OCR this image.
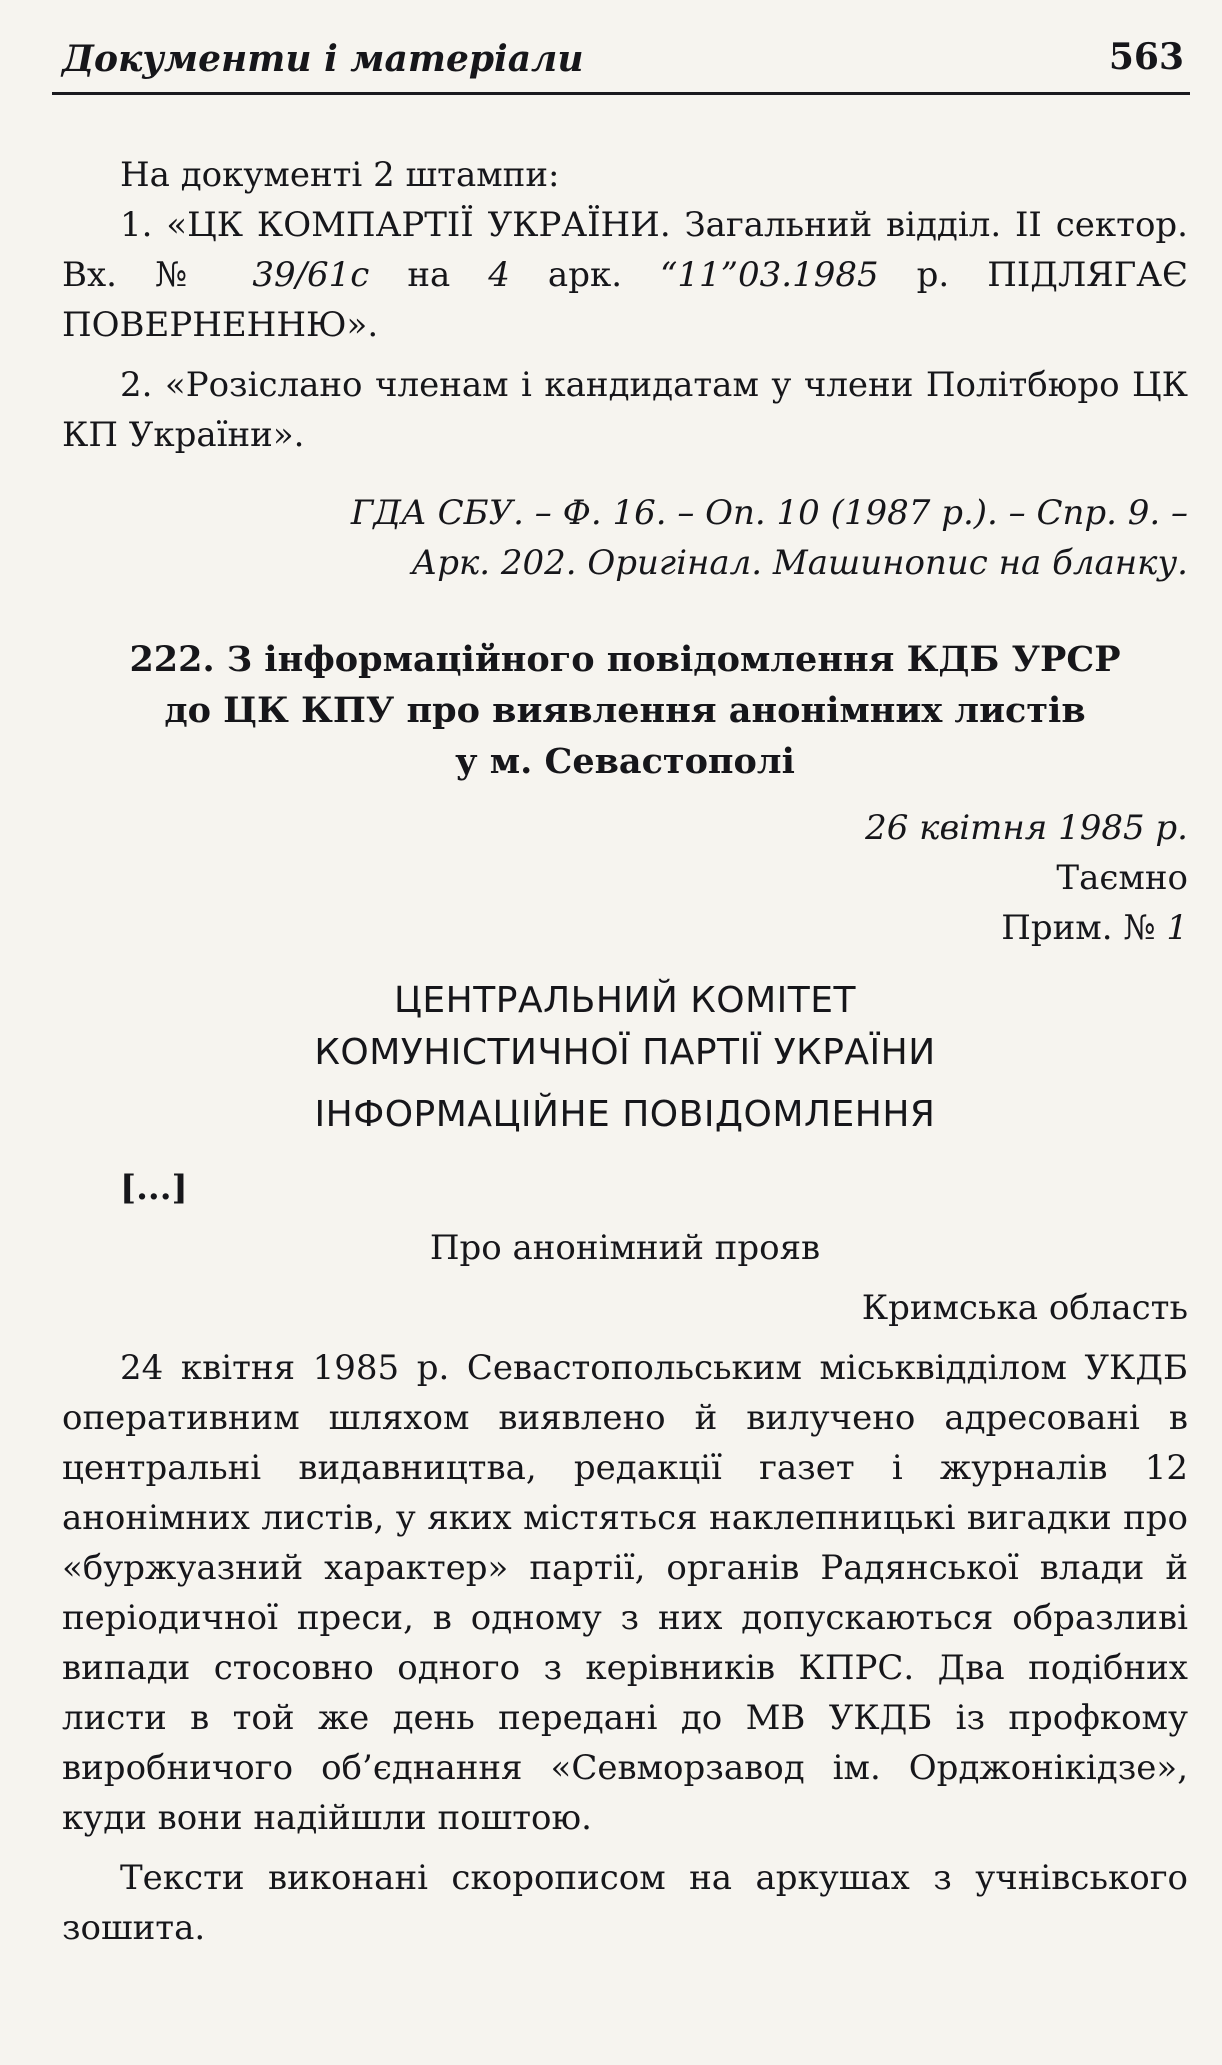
Документи і матеріали	563

На документі 2 штампи:

1. «ЦК КОМПАРТІЇ УКРАЇНИ. Загальний відділ. ІІ сектор. Вх. № 39/61с на 4 арк. “11”03.1985 р. ПІДЛЯГАЄ ПОВЕРНЕННЮ».

2. «Розіслано членам і кандидатам у члени Політбюро ЦК КП України».

ГДА СБУ. – Ф. 16. – Оп. 10 (1987 р.). – Спр. 9. –
Арк. 202. Оригінал. Машинопис на бланку.
222. З інформаційного повідомлення КДБ УРСР
до ЦК КПУ про виявлення анонімних листів
у м. Севастополі

26 квітня 1985 р.

Таємно

Прим. № 1

ЦЕНТРАЛЬНИЙ КОМІТЕТ
КОМУНІСТИЧНОЇ ПАРТІЇ УКРАЇНИ
ІНФОРМАЦІЙНЕ ПОВІДОМЛЕННЯ

[...]

Про анонімний прояв

Кримська область

24 квітня 1985 р. Севастопольським міськвідділом УКДБ оперативним шляхом виявлено й вилучено адресовані в центральні видавництва, редакції газет і журналів 12 анонімних листів, у яких містяться наклепницькі вигадки про «буржуазний характер» партії, органів Радянської влади й періодичної преси, в одному з них допускаються образливі випади стосовно одного з керівників КПРС. Два подібних листи в той же день передані до МВ УКДБ із профкому виробничого об’єднання «Севморзавод ім. Орджонікідзе», куди вони надійшли поштою.

Тексти виконані скорописом на аркушах з учнівського зошита.
